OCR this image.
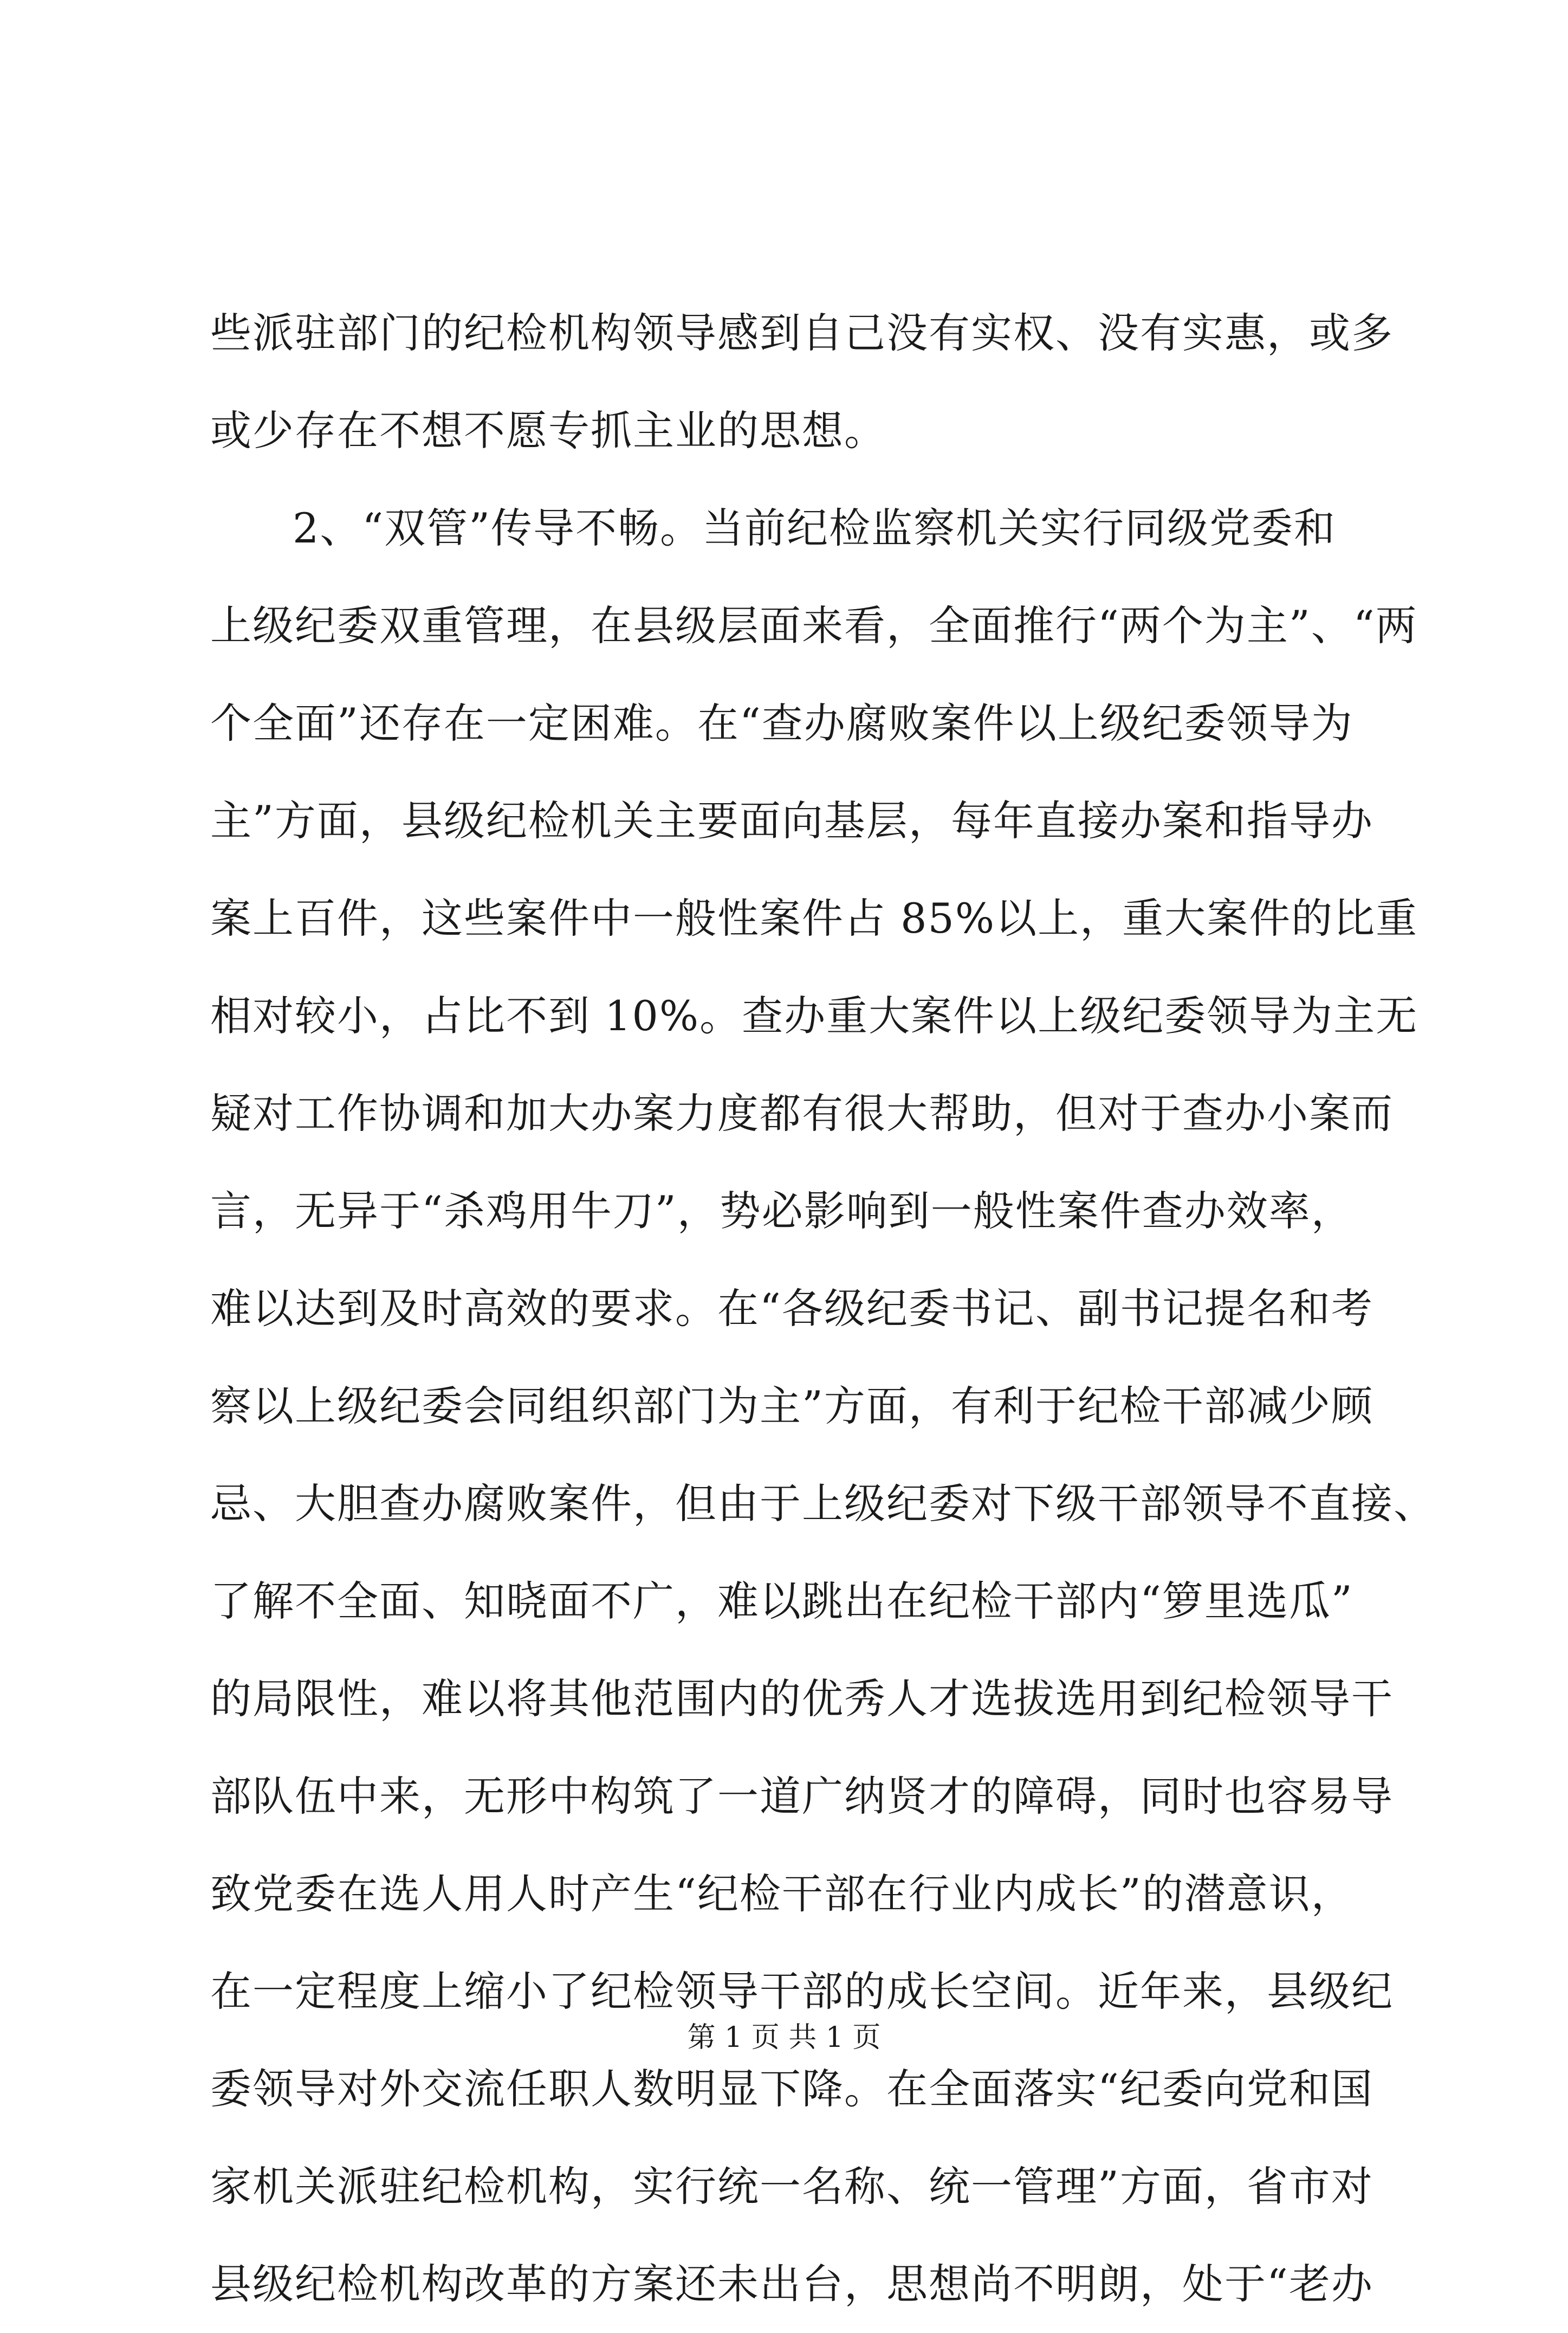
些派驻部门的纪检机构领导感到自己没有实权、没有实惠，或多
或少存在不想不愿专抓主业的思想。
2、“双管”传导不畅。当前纪检监察机关实行同级党委和
上级纪委双重管理，在县级层面来看，全面推行“两个为主”、“两
个全面”还存在一定困难。在“查办腐败案件以上级纪委领导为
主”方面，县级纪检机关主要面向基层，每年直接办案和指导办
案上百件，这些案件中一般性案件占 85%以上，重大案件的比重
相对较小，占比不到 10%。查办重大案件以上级纪委领导为主无
疑对工作协调和加大办案力度都有很大帮助，但对于查办小案而
言，无异于“杀鸡用牛刀”，势必影响到一般性案件查办效率，
难以达到及时高效的要求。在“各级纪委书记、副书记提名和考
察以上级纪委会同组织部门为主”方面，有利于纪检干部减少顾
忌、大胆查办腐败案件，但由于上级纪委对下级干部领导不直接、
了解不全面、知晓面不广，难以跳出在纪检干部内“箩里选瓜”
的局限性，难以将其他范围内的优秀人才选拔选用到纪检领导干
部队伍中来，无形中构筑了一道广纳贤才的障碍，同时也容易导
致党委在选人用人时产生“纪检干部在行业内成长”的潜意识，
在一定程度上缩小了纪检领导干部的成长空间。近年来，县级纪
委领导对外交流任职人数明显下降。在全面落实“纪委向党和国
家机关派驻纪检机构，实行统一名称、统一管理”方面，省市对
县级纪检机构改革的方案还未出台，思想尚不明朗，处于“老办
第 1 页 共 1 页
